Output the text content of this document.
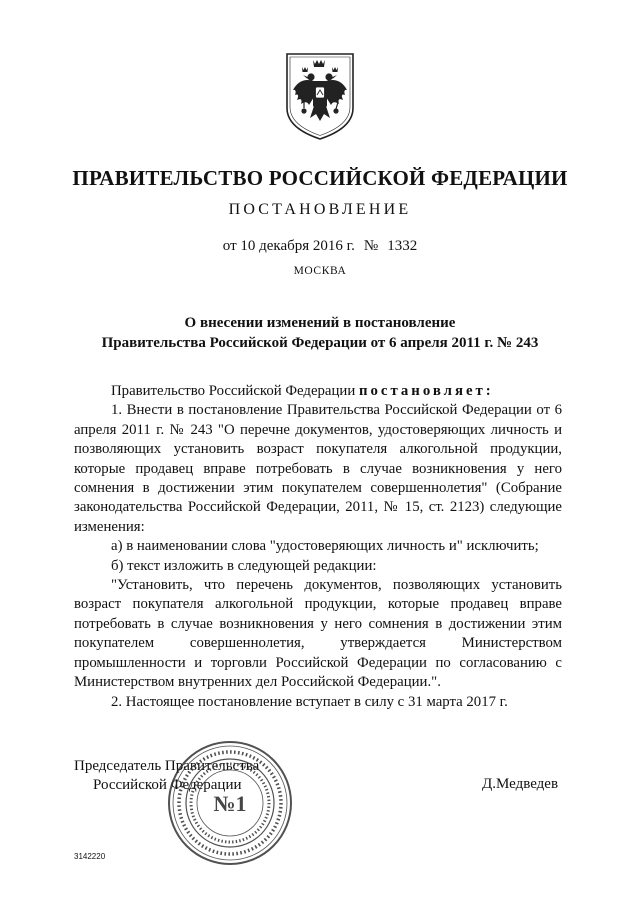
ПРАВИТЕЛЬСТВО РОССИЙСКОЙ ФЕДЕРАЦИИ
ПОСТАНОВЛЕНИЕ
от 10 декабря 2016 г. № 1332
МОСКВА
О внесении изменений в постановление
Правительства Российской Федерации от 6 апреля 2011 г. № 243

Правительство Российской Федерации постановляет:

1. Внести в постановление Правительства Российской Федерации от 6 апреля 2011 г. № 243 "О перечне документов, удостоверяющих личность и позволяющих установить возраст покупателя алкогольной продукции, которые продавец вправе потребовать в случае возникновения у него сомнения в достижении этим покупателем совершеннолетия" (Собрание законодательства Российской Федерации, 2011, № 15, ст. 2123) следующие изменения:

а) в наименовании слова "удостоверяющих личность и" исключить;

б) текст изложить в следующей редакции:

"Установить, что перечень документов, позволяющих установить возраст покупателя алкогольной продукции, которые продавец вправе потребовать в случае возникновения у него сомнения в достижении этим покупателем совершеннолетия, утверждается Министерством промышленности и торговли Российской Федерации по согласованию с Министерством внутренних дел Российской Федерации.".

2. Настоящее постановление вступает в силу с 31 марта 2017 г.

Председатель Правительства
Российской Федерации	Д.Медведев
№1
3142220
